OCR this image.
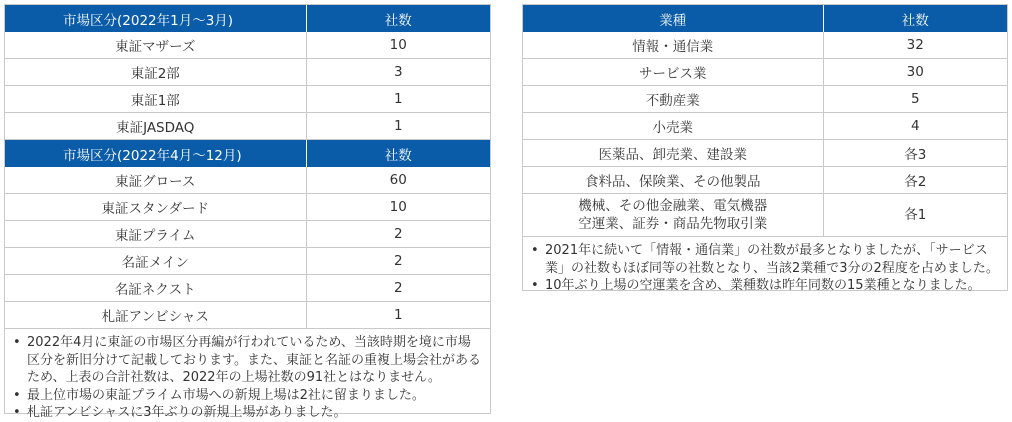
市場区分(2022年1月～3月)	社数
東証マザーズ	10
東証2部	3
東証1部	1
東証JASDAQ	1
市場区分(2022年4月～12月)	社数
東証グロース	60
東証スタンダード	10
東証プライム	2
名証メイン	2
名証ネクスト	2
札証アンビシャス	1
• 2022年4月に東証の市場区分再編が行われているため、当該時期を境に市場区分を新旧分けて記載しております。また、東証と名証の重複上場会社があるため、上表の合計社数は、2022年の上場社数の91社とはなりません。
• 最上位市場の東証プライム市場への新規上場は2社に留まりました。
• 札証アンビシャスに3年ぶりの新規上場がありました。
業種	社数
情報・通信業	32
サービス業	30
不動産業	5
小売業	4
医薬品、卸売業、建設業	各3
食料品、保険業、その他製品	各2

機械、その他金融業、電気機器
空運業、証券・商品先物取引業	各1
• 2021年に続いて「情報・通信業」の社数が最多となりましたが、「サービス業」の社数もほぼ同等の社数となり、当該2業種で3分の2程度を占めました。
• 10年ぶり上場の空運業を含め、業種数は昨年同数の15業種となりました。
